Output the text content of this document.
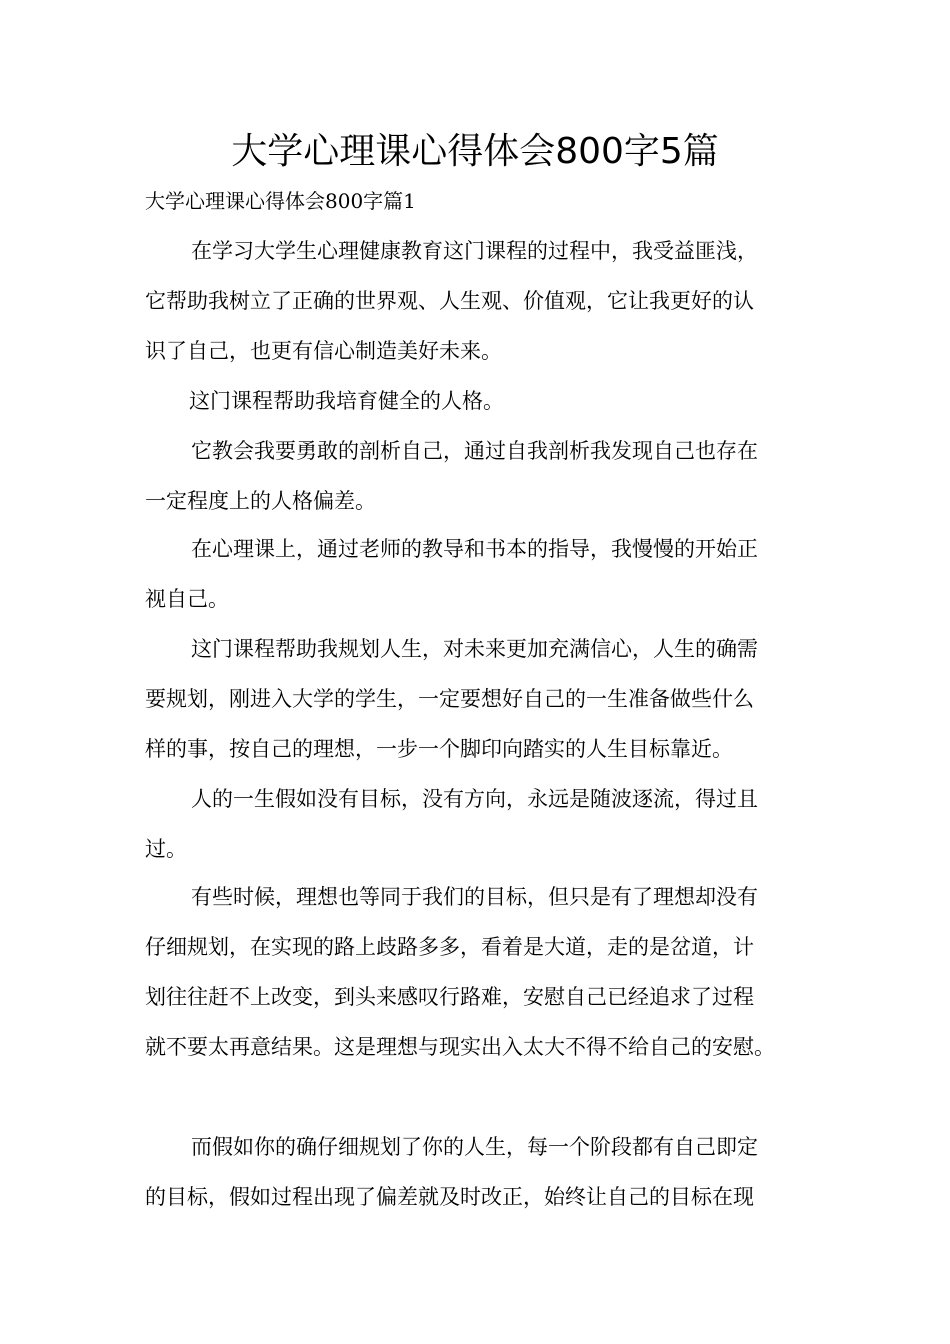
大学心理课心得体会800字5篇
大学心理课心得体会800字篇1
在学习大学生心理健康教育这门课程的过程中，我受益匪浅，
它帮助我树立了正确的世界观、人生观、价值观，它让我更好的认
识了自己，也更有信心制造美好未来。
这门课程帮助我培育健全的人格。
它教会我要勇敢的剖析自己，通过自我剖析我发现自己也存在
一定程度上的人格偏差。
在心理课上，通过老师的教导和书本的指导，我慢慢的开始正
视自己。
这门课程帮助我规划人生，对未来更加充满信心，人生的确需
要规划，刚进入大学的学生，一定要想好自己的一生准备做些什么
样的事，按自己的理想，一步一个脚印向踏实的人生目标靠近。
人的一生假如没有目标，没有方向，永远是随波逐流，得过且
过。
有些时候，理想也等同于我们的目标，但只是有了理想却没有
仔细规划，在实现的路上歧路多多，看着是大道，走的是岔道，计
划往往赶不上改变，到头来感叹行路难，安慰自己已经追求了过程
就不要太再意结果。这是理想与现实出入太大不得不给自己的安慰。
而假如你的确仔细规划了你的人生，每一个阶段都有自己即定
的目标，假如过程出现了偏差就及时改正，始终让自己的目标在现
